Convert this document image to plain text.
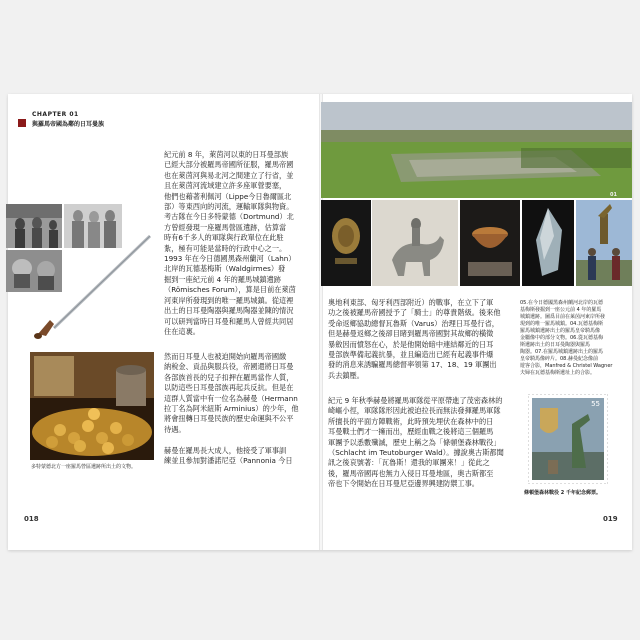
CHAPTER 01
與羅馬帝國為鄰的日耳曼族
多特蒙德北方一座羅馬營區遺跡所出土的文物。

紀元前 8 年，萊茵河以東的日耳曼部族
已經大部分被羅馬帝國所征服，羅馬帝國
也在萊茵河與易北河之間建立了行省，並
且在萊茵河流域建立許多座軍營要塞，
他們也藉著利佩河（Lippe今日魯爾區北
部）等東西向的河流，運輸軍隊與物資。
考古隊在今日多特蒙德（Dortmund）北
方曾經發現一座羅馬營區遺跡，估算當
時有6千多人的軍隊與行政單位在此駐
紮，極有可能是當時的行政中心之一。
1993 年在今日德國黑森州蘭河（Lahn）
北岸的瓦德基梅斯（Waldgirmes）發
掘到一座紀元前 4 年的羅馬城鎮遺跡
（Römisches Forum），算是目前在萊茵
河東岸所發現到的唯一羅馬城鎮。從這裡
出土的日耳曼陶器與羅馬陶器並陳的情況
可以研判當時日耳曼和羅馬人曾經共同居
住在這裏。

然而日耳曼人也被迫開始向羅馬帝國繳
納稅金、貢品與服兵役，帝國還將日耳曼
各部族首長的兒子扣押在羅馬當作人質，
以防這些日耳曼部族再起兵反抗。但是在
這群人質當中有一位名為赫曼（Hermann
拉丁名為阿米紐斯 Arminius）的少年，他
將會扭轉日耳曼民族的歷史命運與不公平
待遇。

赫曼在羅馬長大成人，他接受了軍事訓
練並且參加對潘諾尼亞（Pannonia 今日

018
01

奧地利東部、匈牙利西部附近）的戰事，在立下了軍
功之後被羅馬帝國授予了「騎士」的尊貴階級。後來他
受命返鄉協助總督瓦魯斯（Varus）治理日耳曼行省，
但是赫曼返鄉之後卻目睹到羅馬帝國對其故鄉的橫徵
暴斂因而憤怒在心，於是他開始暗中連結鄰近的日耳
曼部族準備起義抗暴，並且編造出已經有起義事件爆
發的消息來誘騙羅馬總督率領第 17、18、19 軍團出
兵去鎮壓。

紀元 9 年秋季赫曼將羅馬軍隊從平原帶進了茂密森林的
崎嶇小徑，軍隊隊形因此被迫拉長而無法發揮羅馬軍隊
所擅長的平面方陣戰術，此時預先埋伏在森林中的日
耳曼戰士們才一擁而出，歷經血戰之後將這三個羅馬
軍團予以悉數殲滅，歷史上稱之為「條頓堡森林戰役」
（Schlacht im Teutoburger Wald）。據說奧古斯都聞
訊之後哀號著：「瓦魯斯！還我的軍團來！」從此之
後，羅馬帝國再也無力入侵日耳曼地區，奧古斯都至
帝也下令開始在日耳曼尼亞邊界興建防禦工事。

05.在今日德國黑森州蘭河北岸的瓦德
基梅斯發掘到一座公元前 4 年的羅馬
城鎮遺跡。圖爲目前在萊茵河東岸所發
現到的唯一羅馬城鎮。04.瓦德基梅斯
羅馬城鎮遺跡出土的羅馬皇帝騎馬像
金屬像中的部分文物。06.從瓦德基梅
斯遺跡出土的日耳曼陶器與羅馬
陶器。07.在羅馬城鎮遺跡出土的羅馬
皇帝騎馬像碎片。08.赫曼紀念像前
遊客合影，Manfred & Christel Wagner
夫婦在瓦德基梅斯遺址上的合影。
55
條頓堡森林戰役 2 千年紀念郵票。
019
